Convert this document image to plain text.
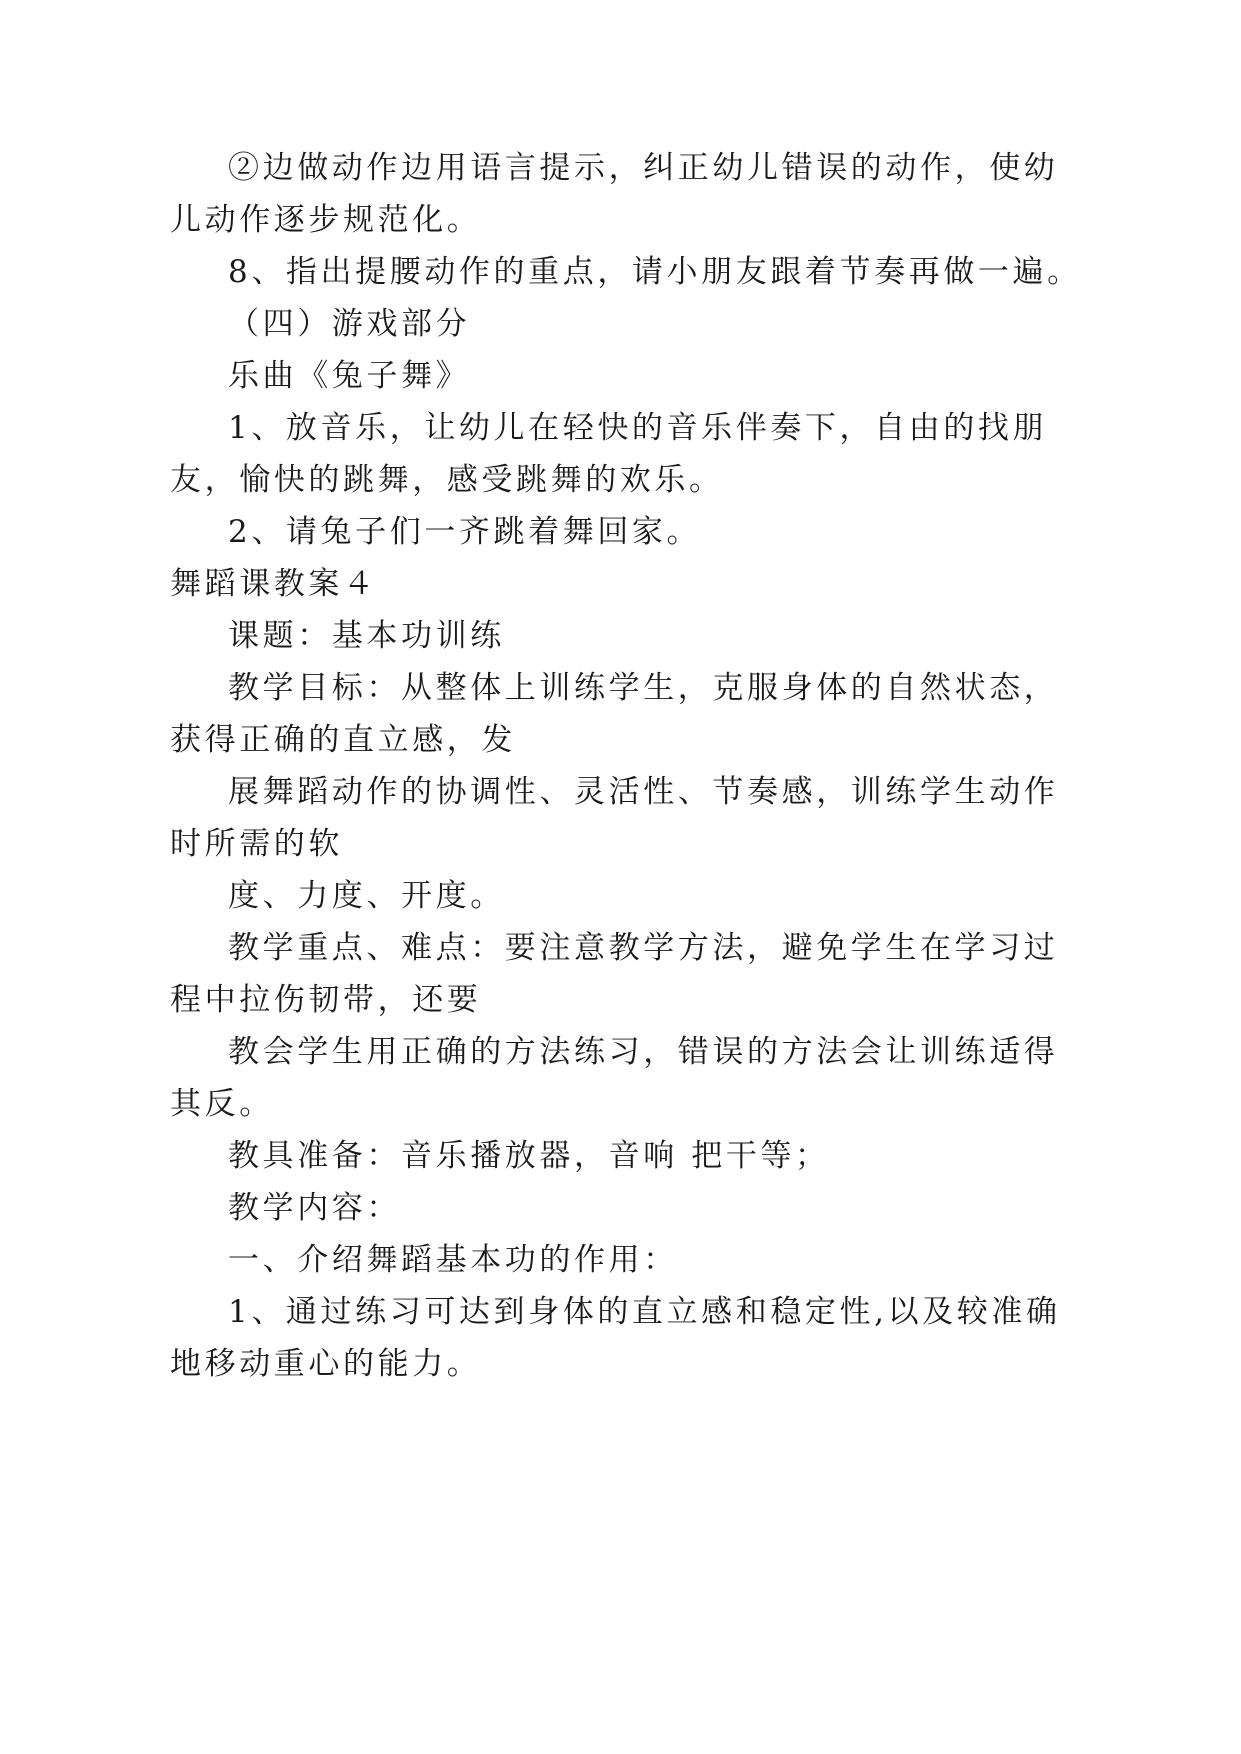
②边做动作边用语言提示，纠正幼儿错误的动作，使幼
儿动作逐步规范化。
8、指出提腰动作的重点，请小朋友跟着节奏再做一遍。
（四）游戏部分
乐曲《兔子舞》
1、放音乐，让幼儿在轻快的音乐伴奏下，自由的找朋
友，愉快的跳舞，感受跳舞的欢乐。
2、请兔子们一齐跳着舞回家。
舞蹈课教案４
课题：基本功训练
教学目标：从整体上训练学生，克服身体的自然状态，
获得正确的直立感，发
展舞蹈动作的协调性、灵活性、节奏感，训练学生动作
时所需的软
度、力度、开度。
教学重点、难点：要注意教学方法，避免学生在学习过
程中拉伤韧带，还要
教会学生用正确的方法练习，错误的方法会让训练适得
其反。
教具准备：音乐播放器，音响 把干等；
教学内容：
一、介绍舞蹈基本功的作用：
1、通过练习可达到身体的直立感和稳定性,以及较准确
地移动重心的能力。
